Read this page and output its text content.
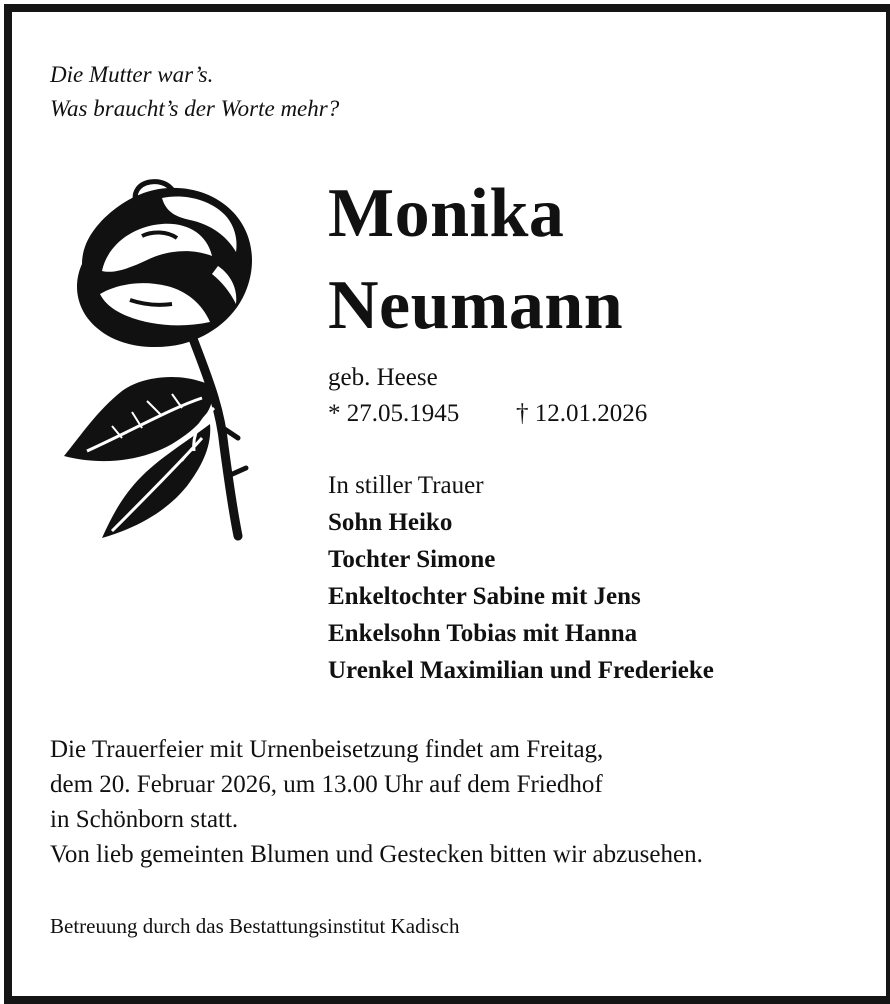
Die Mutter war’s.
Was braucht’s der Worte mehr?
Monika
Neumann
geb. Heese
* 27.05.1945 † 12.01.2026
In stiller Trauer
Sohn Heiko
Tochter Simone
Enkeltochter Sabine mit Jens
Enkelsohn Tobias mit Hanna
Urenkel Maximilian und Frederieke
Die Trauerfeier mit Urnenbeisetzung findet am Freitag,
dem 20. Februar 2026, um 13.00 Uhr auf dem Friedhof
in Schönborn statt.
Von lieb gemeinten Blumen und Gestecken bitten wir abzusehen.
Betreuung durch das Bestattungsinstitut Kadisch
